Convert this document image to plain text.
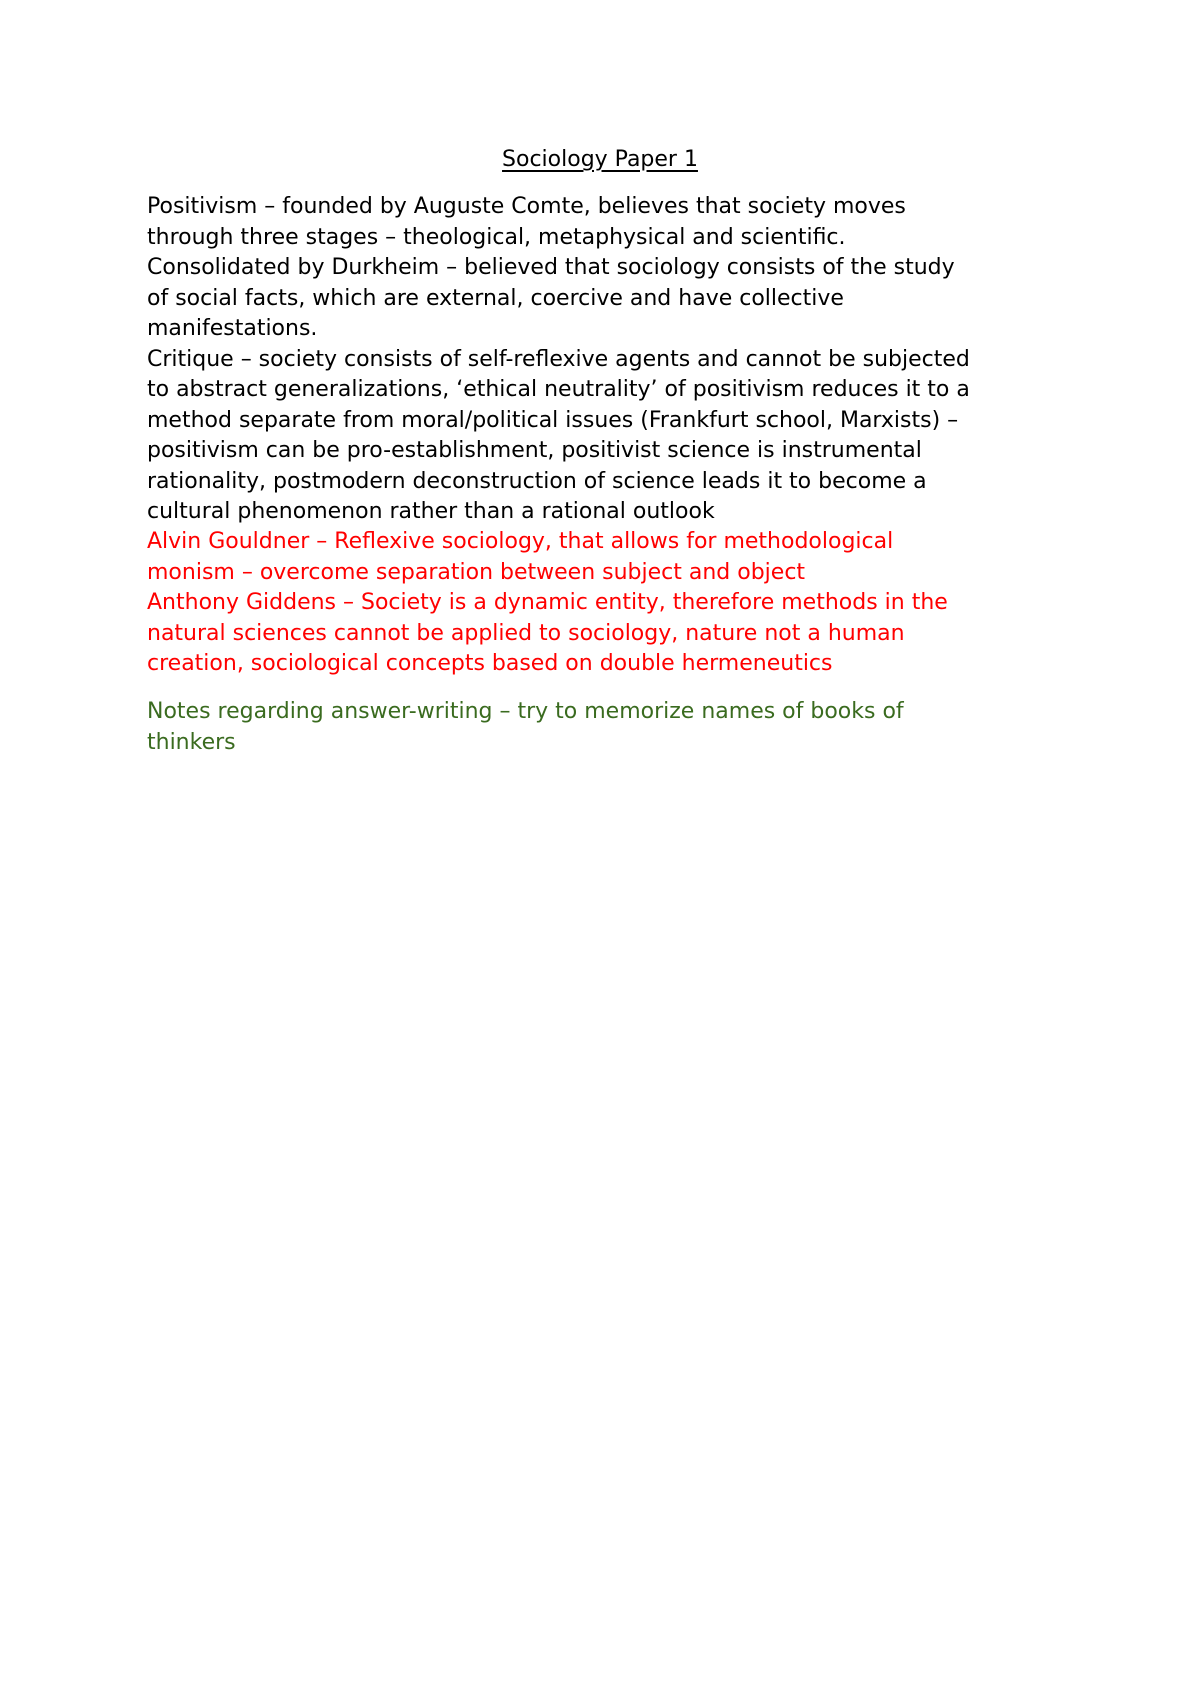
Sociology Paper 1
Positivism – founded by Auguste Comte, believes that society moves
through three stages – theological, metaphysical and scientific.
Consolidated by Durkheim – believed that sociology consists of the study
of social facts, which are external, coercive and have collective
manifestations.
Critique – society consists of self-reflexive agents and cannot be subjected
to abstract generalizations, ‘ethical neutrality’ of positivism reduces it to a
method separate from moral/political issues (Frankfurt school, Marxists) –
positivism can be pro-establishment, positivist science is instrumental
rationality, postmodern deconstruction of science leads it to become a
cultural phenomenon rather than a rational outlook
Alvin Gouldner – Reflexive sociology, that allows for methodological
monism – overcome separation between subject and object
Anthony Giddens – Society is a dynamic entity, therefore methods in the
natural sciences cannot be applied to sociology, nature not a human
creation, sociological concepts based on double hermeneutics
Notes regarding answer-writing – try to memorize names of books of
thinkers
